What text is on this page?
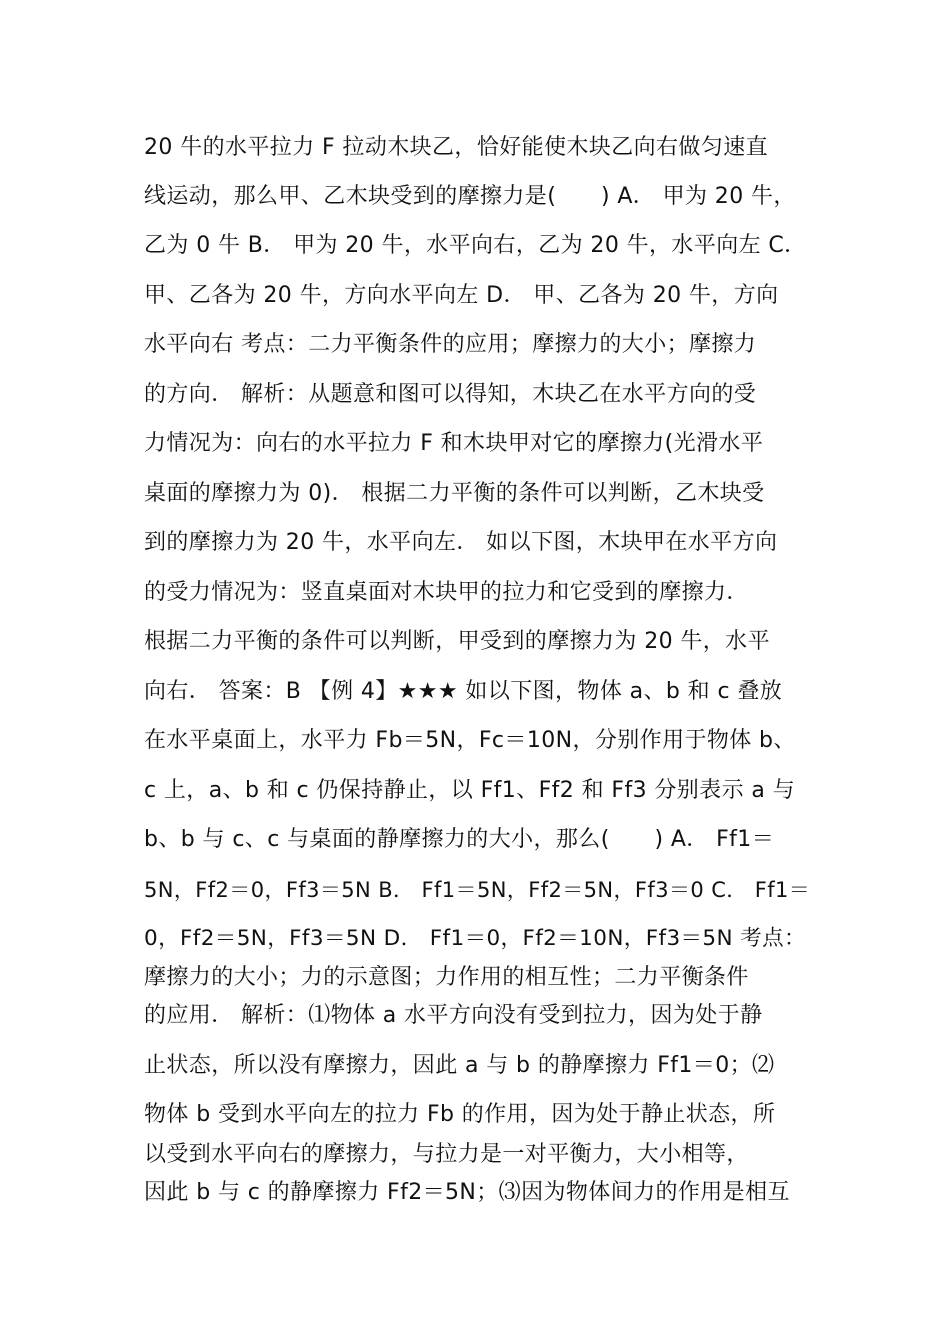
20 牛的水平拉力 F 拉动木块乙，恰好能使木块乙向右做匀速直

线运动，那么甲、乙木块受到的摩擦力是(　　) A． 甲为 20 牛，

乙为 0 牛 B． 甲为 20 牛，水平向右，乙为 20 牛，水平向左 C．

甲、乙各为 20 牛，方向水平向左 D． 甲、乙各为 20 牛，方向

水平向右 考点：二力平衡条件的应用；摩擦力的大小；摩擦力

的方向． 解析：从题意和图可以得知，木块乙在水平方向的受

力情况为：向右的水平拉力 F 和木块甲对它的摩擦力(光滑水平

桌面的摩擦力为 0)． 根据二力平衡的条件可以判断，乙木块受

到的摩擦力为 20 牛，水平向左． 如以下图，木块甲在水平方向

的受力情况为：竖直桌面对木块甲的拉力和它受到的摩擦力．

根据二力平衡的条件可以判断，甲受到的摩擦力为 20 牛，水平

向右． 答案：B 【例 4】★★★ 如以下图，物体 a、b 和 c 叠放

在水平桌面上，水平力 Fb＝5N，Fc＝10N，分别作用于物体 b、

c 上，a、b 和 c 仍保持静止，以 Ff1、Ff2 和 Ff3 分别表示 a 与

b、b 与 c、c 与桌面的静摩擦力的大小，那么(　　) A． Ff1＝

5N，Ff2＝0，Ff3＝5N B． Ff1＝5N，Ff2＝5N，Ff3＝0 C． Ff1＝

0，Ff2＝5N，Ff3＝5N D． Ff1＝0，Ff2＝10N，Ff3＝5N 考点：

摩擦力的大小；力的示意图；力作用的相互性；二力平衡条件

的应用． 解析：⑴物体 a 水平方向没有受到拉力，因为处于静

止状态，所以没有摩擦力，因此 a 与 b 的静摩擦力 Ff1＝0；⑵

物体 b 受到水平向左的拉力 Fb 的作用，因为处于静止状态，所

以受到水平向右的摩擦力，与拉力是一对平衡力，大小相等，

因此 b 与 c 的静摩擦力 Ff2＝5N；⑶因为物体间力的作用是相互
